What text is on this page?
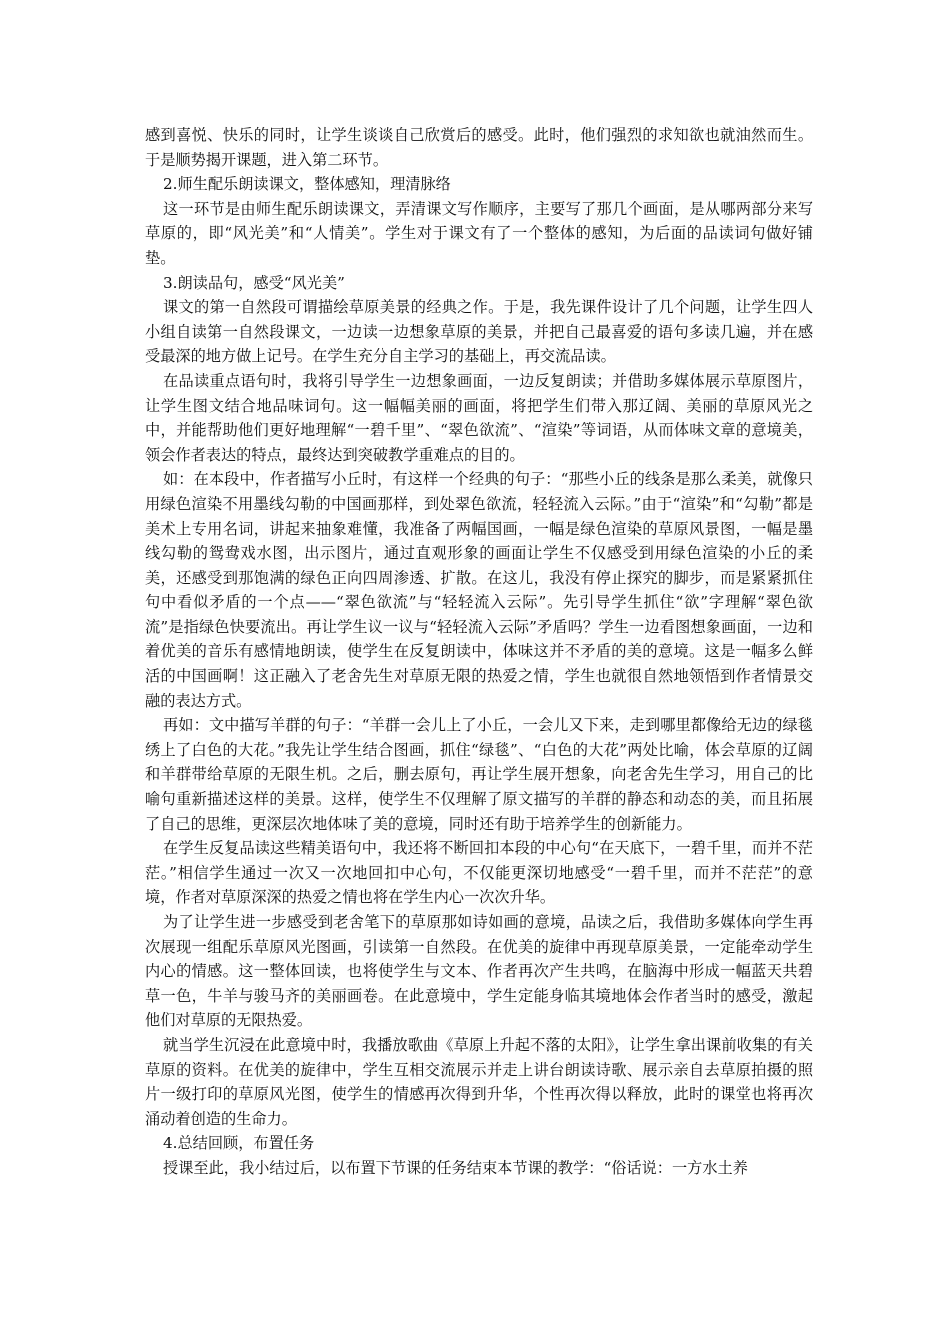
感到喜悦、快乐的同时，让学生谈谈自己欣赏后的感受。此时，他们强烈的求知欲也就油然而生。于是顺势揭开课题，进入第二环节。

2.师生配乐朗读课文，整体感知，理清脉络

这一环节是由师生配乐朗读课文，弄清课文写作顺序，主要写了那几个画面，是从哪两部分来写草原的，即“风光美”和“人情美”。学生对于课文有了一个整体的感知，为后面的品读词句做好铺垫。

3.朗读品句，感受“风光美”

课文的第一自然段可谓描绘草原美景的经典之作。于是，我先课件设计了几个问题，让学生四人小组自读第一自然段课文，一边读一边想象草原的美景，并把自己最喜爱的语句多读几遍，并在感受最深的地方做上记号。在学生充分自主学习的基础上，再交流品读。

在品读重点语句时，我将引导学生一边想象画面，一边反复朗读；并借助多媒体展示草原图片，让学生图文结合地品味词句。这一幅幅美丽的画面，将把学生们带入那辽阔、美丽的草原风光之中，并能帮助他们更好地理解“一碧千里”、“翠色欲流”、“渲染”等词语，从而体味文章的意境美，领会作者表达的特点，最终达到突破教学重难点的目的。

如：在本段中，作者描写小丘时，有这样一个经典的句子：“那些小丘的线条是那么柔美，就像只用绿色渲染不用墨线勾勒的中国画那样，到处翠色欲流，轻轻流入云际。”由于“渲染”和“勾勒”都是美术上专用名词，讲起来抽象难懂，我准备了两幅国画，一幅是绿色渲染的草原风景图，一幅是墨线勾勒的鸳鸯戏水图，出示图片，通过直观形象的画面让学生不仅感受到用绿色渲染的小丘的柔美，还感受到那饱满的绿色正向四周渗透、扩散。在这儿，我没有停止探究的脚步，而是紧紧抓住句中看似矛盾的一个点——“翠色欲流”与“轻轻流入云际”。先引导学生抓住“欲”字理解“翠色欲流”是指绿色快要流出。再让学生议一议与“轻轻流入云际”矛盾吗？学生一边看图想象画面，一边和着优美的音乐有感情地朗读，使学生在反复朗读中，体味这并不矛盾的美的意境。这是一幅多么鲜活的中国画啊！这正融入了老舍先生对草原无限的热爱之情，学生也就很自然地领悟到作者情景交融的表达方式。

再如：文中描写羊群的句子：“羊群一会儿上了小丘，一会儿又下来，走到哪里都像给无边的绿毯绣上了白色的大花。”我先让学生结合图画，抓住“绿毯”、“白色的大花”两处比喻，体会草原的辽阔和羊群带给草原的无限生机。之后，删去原句，再让学生展开想象，向老舍先生学习，用自己的比喻句重新描述这样的美景。这样，使学生不仅理解了原文描写的羊群的静态和动态的美，而且拓展了自己的思维，更深层次地体味了美的意境，同时还有助于培养学生的创新能力。

在学生反复品读这些精美语句中，我还将不断回扣本段的中心句“在天底下，一碧千里，而并不茫茫。”相信学生通过一次又一次地回扣中心句，不仅能更深切地感受“一碧千里，而并不茫茫”的意境，作者对草原深深的热爱之情也将在学生内心一次次升华。

为了让学生进一步感受到老舍笔下的草原那如诗如画的意境，品读之后，我借助多媒体向学生再次展现一组配乐草原风光图画，引读第一自然段。在优美的旋律中再现草原美景，一定能牵动学生内心的情感。这一整体回读，也将使学生与文本、作者再次产生共鸣，在脑海中形成一幅蓝天共碧草一色，牛羊与骏马齐的美丽画卷。在此意境中，学生定能身临其境地体会作者当时的感受，激起他们对草原的无限热爱。

就当学生沉浸在此意境中时，我播放歌曲《草原上升起不落的太阳》，让学生拿出课前收集的有关草原的资料。在优美的旋律中，学生互相交流展示并走上讲台朗读诗歌、展示亲自去草原拍摄的照片一级打印的草原风光图，使学生的情感再次得到升华，个性再次得以释放，此时的课堂也将再次涌动着创造的生命力。

4.总结回顾，布置任务

授课至此，我小结过后，以布置下节课的任务结束本节课的教学：“俗话说：一方水土养
